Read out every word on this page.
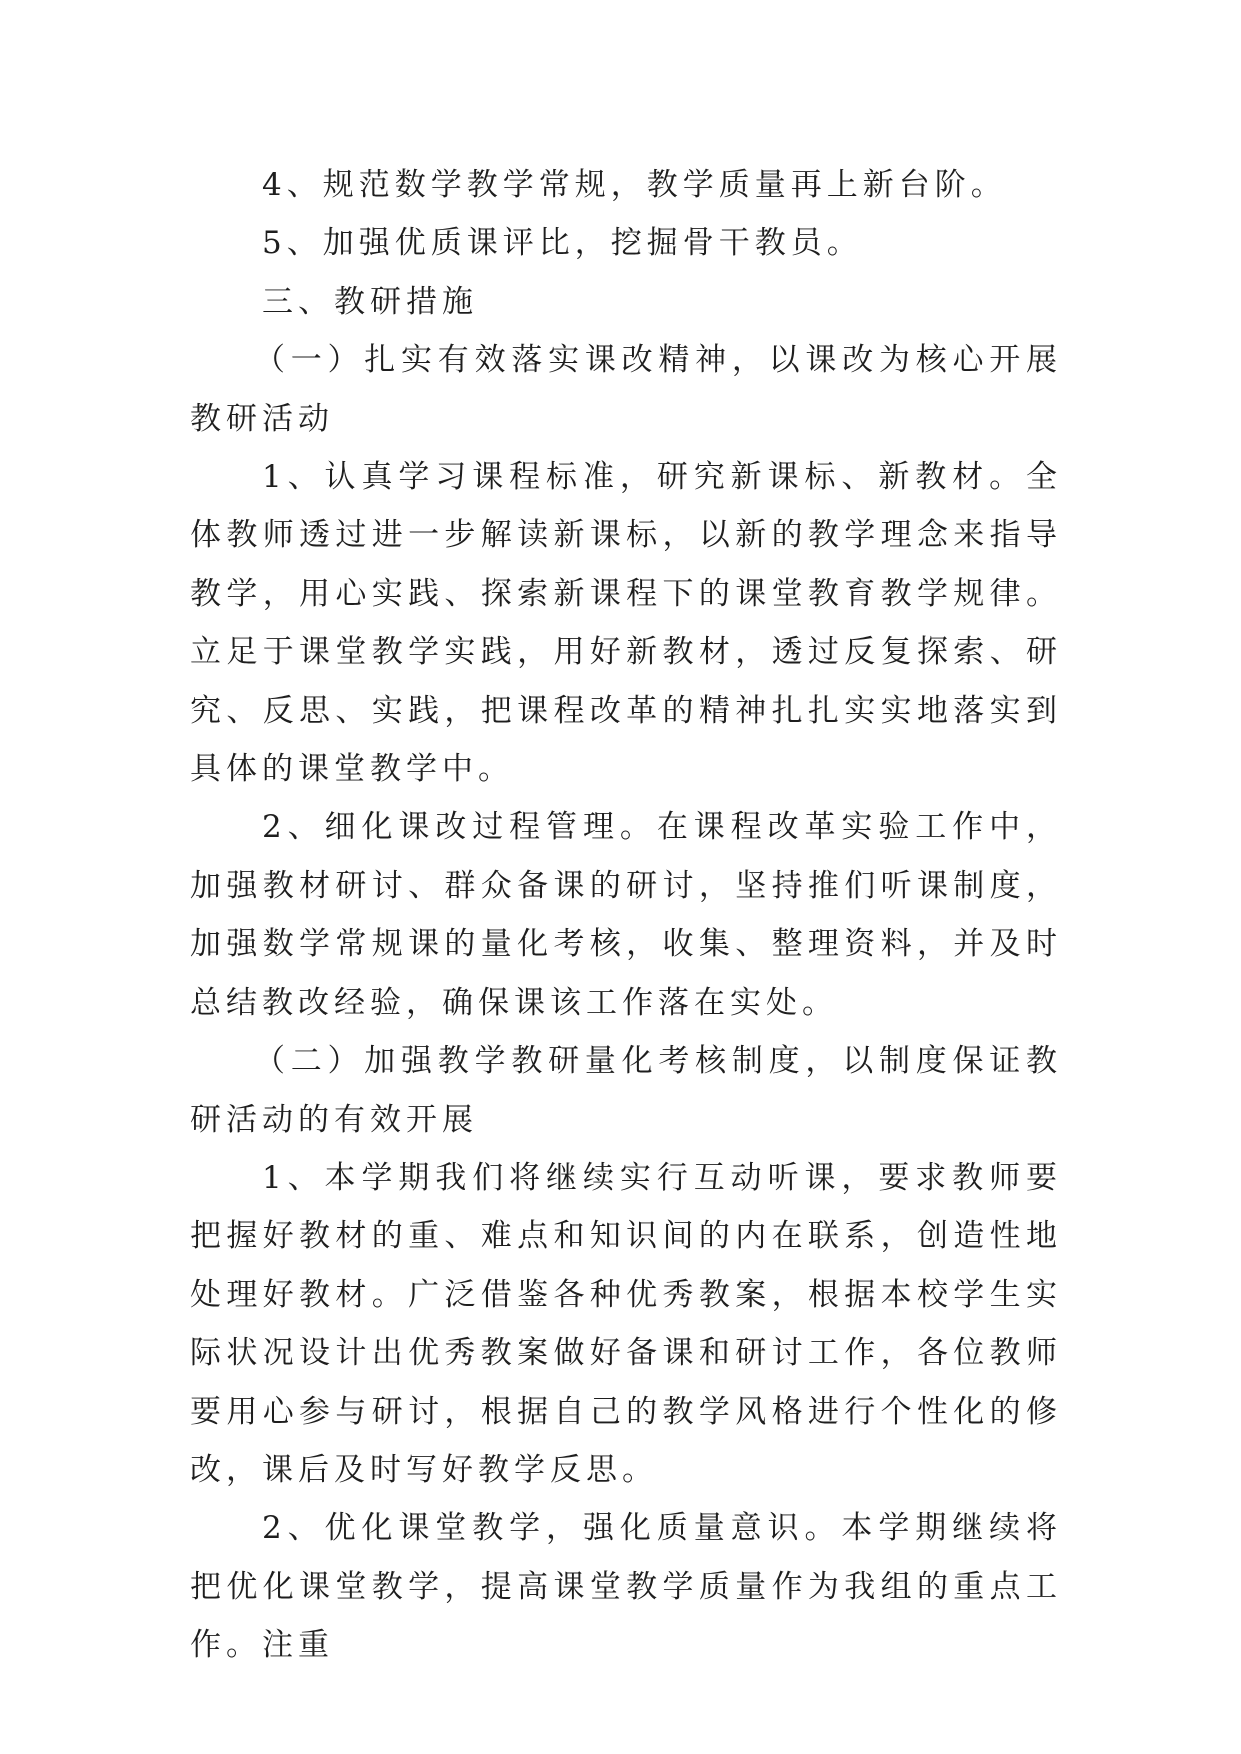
4、规范数学教学常规，教学质量再上新台阶。

5、加强优质课评比，挖掘骨干教员。

三、教研措施

（一）扎实有效落实课改精神，以课改为核心开展教研活动

1、认真学习课程标准，研究新课标、新教材。全体教师透过进一步解读新课标，以新的教学理念来指导教学，用心实践、探索新课程下的课堂教育教学规律。立足于课堂教学实践，用好新教材，透过反复探索、研究、反思、实践，把课程改革的精神扎扎实实地落实到具体的课堂教学中。

2、细化课改过程管理。在课程改革实验工作中，加强教材研讨、群众备课的研讨，坚持推们听课制度，加强数学常规课的量化考核，收集、整理资料，并及时总结教改经验，确保课该工作落在实处。

（二）加强教学教研量化考核制度，以制度保证教研活动的有效开展

1、本学期我们将继续实行互动听课，要求教师要把握好教材的重、难点和知识间的内在联系，创造性地处理好教材。广泛借鉴各种优秀教案，根据本校学生实际状况设计出优秀教案做好备课和研讨工作，各位教师要用心参与研讨，根据自己的教学风格进行个性化的修改，课后及时写好教学反思。

2、优化课堂教学，强化质量意识。本学期继续将把优化课堂教学，提高课堂教学质量作为我组的重点工作。注重
